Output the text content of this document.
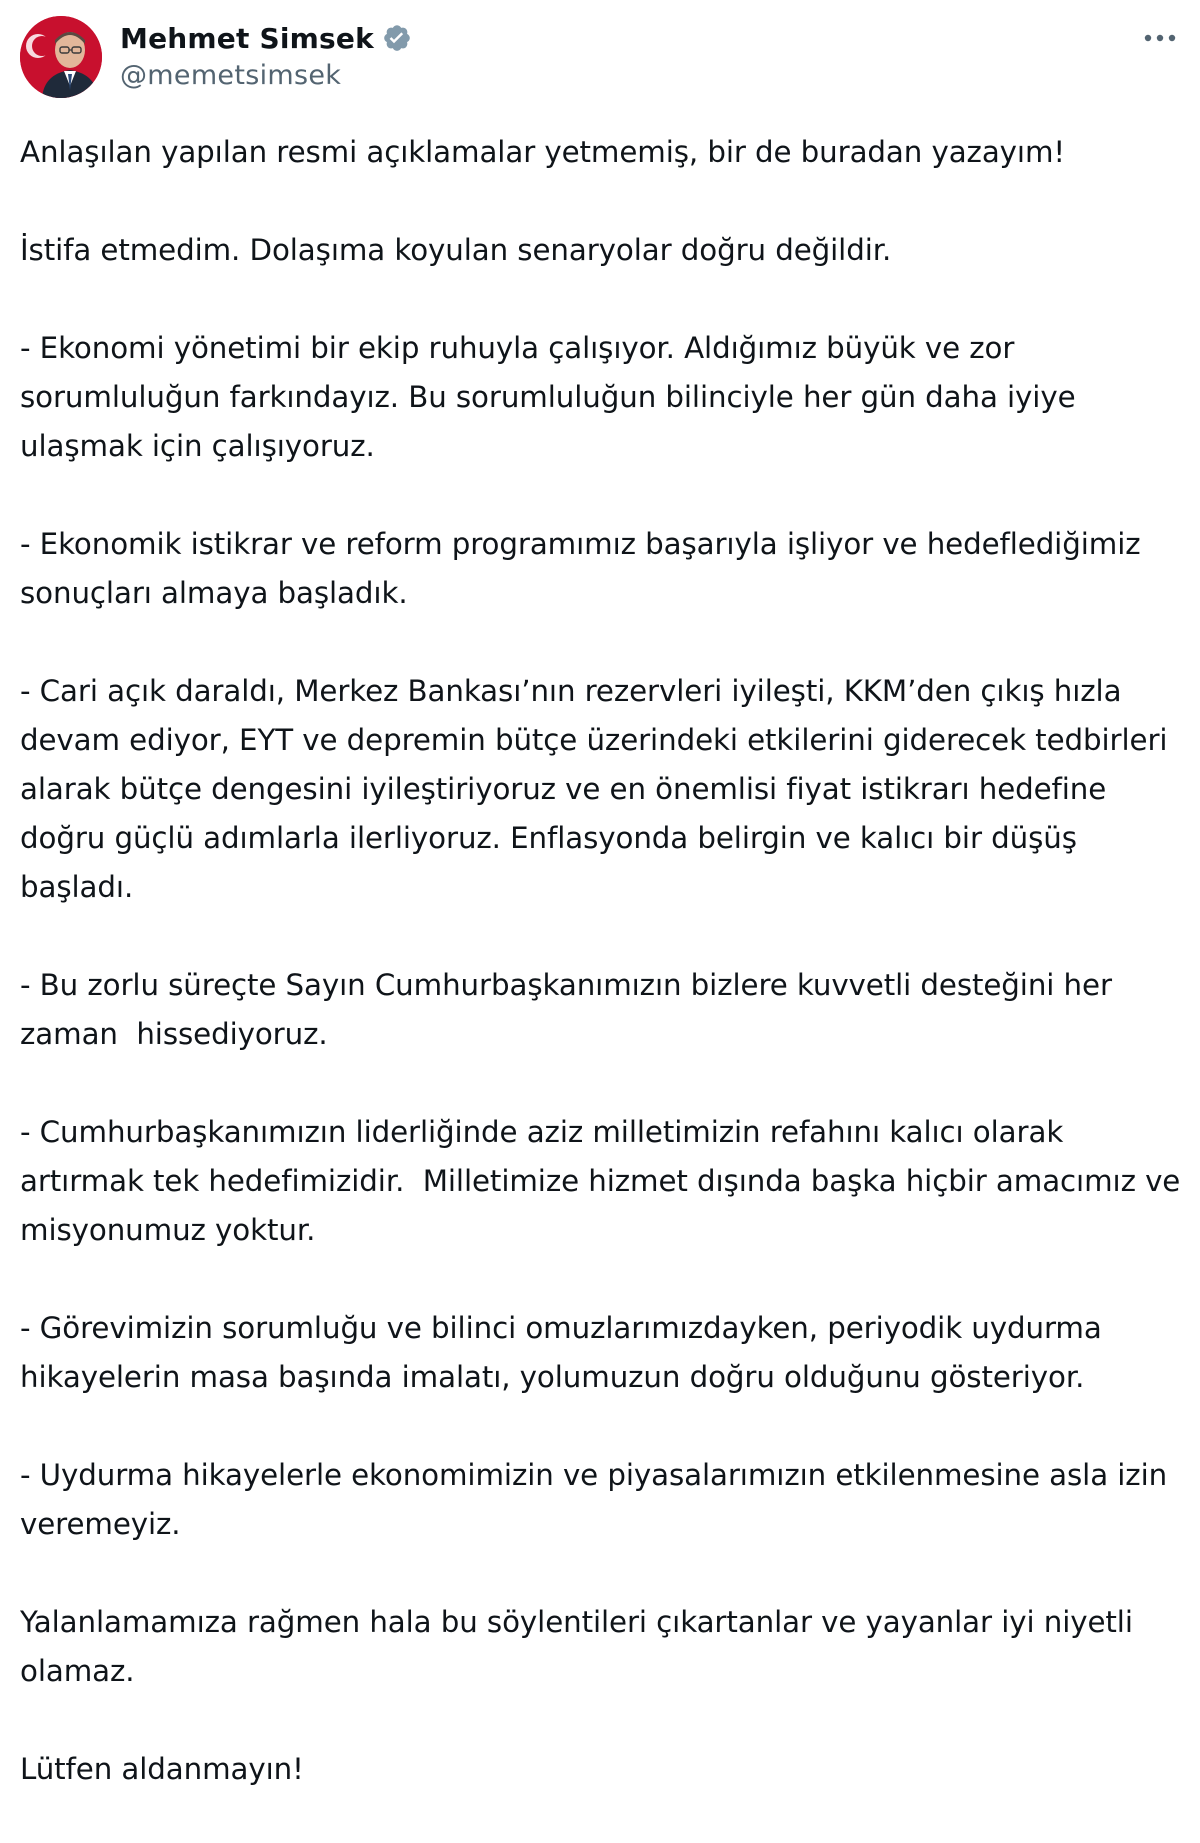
Mehmet Simsek
@memetsimsek

Anlaşılan yapılan resmi açıklamalar yetmemiş, bir de buradan yazayım!

İstifa etmedim. Dolaşıma koyulan senaryolar doğru değildir.

- Ekonomi yönetimi bir ekip ruhuyla çalışıyor. Aldığımız büyük ve zor sorumluluğun farkındayız. Bu sorumluluğun bilinciyle her gün daha iyiye ulaşmak için çalışıyoruz.

- Ekonomik istikrar ve reform programımız başarıyla işliyor ve hedeflediğimiz sonuçları almaya başladık.

- Cari açık daraldı, Merkez Bankası’nın rezervleri iyileşti, KKM’den çıkış hızla devam ediyor, EYT ve depremin bütçe üzerindeki etkilerini giderecek tedbirleri alarak bütçe dengesini iyileştiriyoruz ve en önemlisi fiyat istikrarı hedefine doğru güçlü adımlarla ilerliyoruz. Enflasyonda belirgin ve kalıcı bir düşüş başladı.

- Bu zorlu süreçte Sayın Cumhurbaşkanımızın bizlere kuvvetli desteğini her zaman  hissediyoruz.

- Cumhurbaşkanımızın liderliğinde aziz milletimizin refahını kalıcı olarak artırmak tek hedefimizidir.  Milletimize hizmet dışında başka hiçbir amacımız ve misyonumuz yoktur.

- Görevimizin sorumluğu ve bilinci omuzlarımızdayken, periyodik uydurma hikayelerin masa başında imalatı, yolumuzun doğru olduğunu gösteriyor.

- Uydurma hikayelerle ekonomimizin ve piyasalarımızın etkilenmesine asla izin veremeyiz.

Yalanlamamıza rağmen hala bu söylentileri çıkartanlar ve yayanlar iyi niyetli olamaz.

Lütfen aldanmayın!
